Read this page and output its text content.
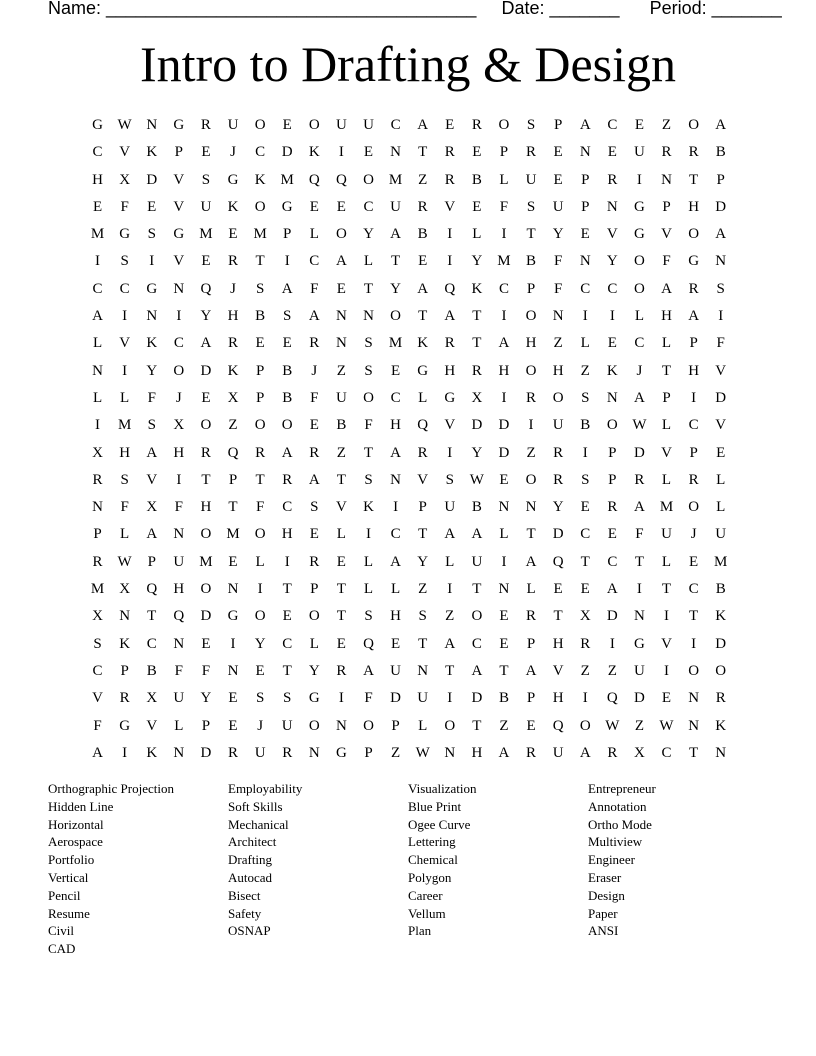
Name: _____________________________________ Date: _______ Period: _______
Intro to Drafting & Design
G W N	G	R	U	O	E	O	U	U	C	A	E	R	O	S	P	A	C	E	Z	O	A
C	V	K	P	E	J	C	D	K	I	E	N	T	R	E	P	R	E	N	E	U	R	R	B
H	X	D	V	S	G	K	M	Q	Q	O	M	Z	R	B	L	U	E	P	R	I	N	T	P
E	F	E	V	U	K	O	G	E	E	C	U	R	V	E	F	S	U	P	N	G	P	H	D
M	G	S	G	M	E	M	P	L	O	Y	A	B	I	L	I	T	Y	E	V	G	V	O	A
I	S	I	V	E	R	T	I	C	A	L	T	E	I	Y	M	B	F	N	Y	O	F	G	N
C	C	G	N	Q	J	S	A	F	E	T	Y	A	Q	K	C	P	F	C	C	O	A	R	S
A	I	N	I	Y	H	B	S	A	N	N	O	T	A	T	I	O	N	I	I	L	H	A	I
L	V	K	C	A	R	E	E	R	N	S	M	K	R	T	A	H	Z	L	E	C	L	P	F
N	I	Y	O	D	K	P	B	J	Z	S	E	G	H	R	H	O	H	Z	K	J	T	H	V
L	L	F	J	E	X	P	B	F	U	O	C	L	G	X	I	R	O	S	N	A	P	I	D
I	M	S	X	O	Z	O	O	E	B	F	H	Q	V	D	D	I	U	B	O W	L	C	V
X	H	A	H	R	Q	R	A	R	Z	T	A	R	I	Y	D	Z	R	I	P	D	V	P	E
R	S	V	I	T	P	T	R	A	T	S	N	V	S	W	E	O	R	S	P	R	L	R	L
N	F	X	F	H	T	F	C	S	V	K	I	P	U	B	N	N	Y	E	R	A	M	O	L
P	L	A	N	O	M	O	H	E	L	I	C	T	A	A	L	T	D	C	E	F	U	J	U
R	W	P	U	M	E	L	I	R	E	L	A	Y	L	U	I	A	Q	T	C	T	L	E	M
M	X	Q	H	O	N	I	T	P	T	L	L	Z	I	T	N	L	E	E	A	I	T	C	B
X	N	T	Q	D	G	O	E	O	T	S	H	S	Z	O	E	R	T	X	D	N	I	T	K
S	K	C	N	E	I	Y	C	L	E	Q	E	T	A	C	E	P	H	R	I	G	V	I	D
C	P	B	F	F	N	E	T	Y	R	A	U	N	T	A	T	A	V	Z	Z	U	I	O	O
V	R	X	U	Y	E	S	S	G	I	F	D	U	I	D	B	P	H	I	Q	D	E	N	R
F	G	V	L	P	E	J	U	O	N	O	P	L	O	T	Z	E	Q	O W	Z	W N	K
A	I	K	N	D	R	U	R	N	G	P	Z	W N	H	A	R	U	A	R	X	C	T	N
Orthographic Projection
Hidden Line
Horizontal
Aerospace
Portfolio
Vertical
Pencil
Resume
Civil
CAD
Employability
Soft Skills
Mechanical
Architect
Drafting
Autocad
Bisect
Safety
OSNAP
Visualization
Blue Print
Ogee Curve
Lettering
Chemical
Polygon
Career
Vellum
Plan
Entrepreneur
Annotation
Ortho Mode
Multiview
Engineer
Eraser
Design
Paper
ANSI
